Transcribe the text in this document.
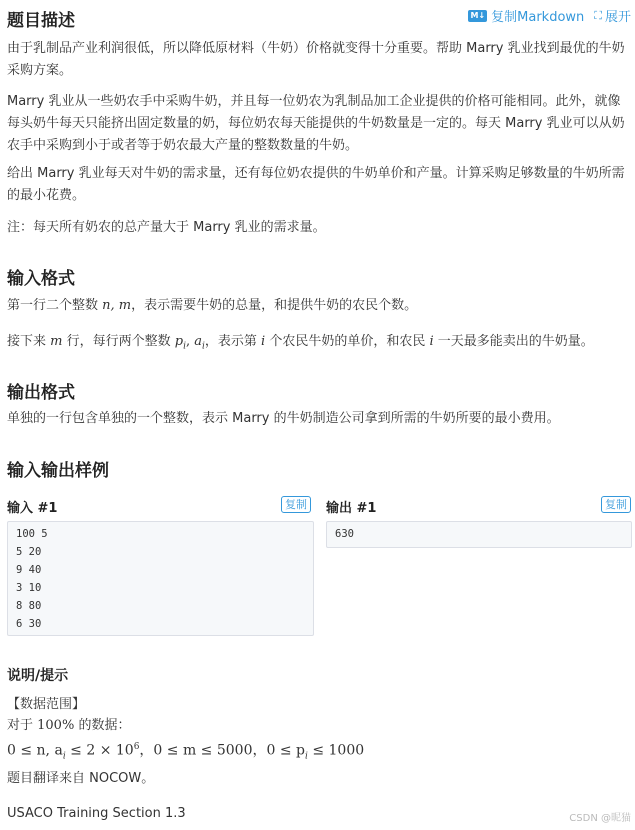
题目描述	M↓ 复制Markdown ⛶ 展开
由于乳制品产业利润很低，所以降低原材料（牛奶）价格就变得十分重要。帮助 Marry 乳业找到最优的牛奶采购方案。
Marry 乳业从一些奶农手中采购牛奶，并且每一位奶农为乳制品加工企业提供的价格可能相同。此外，就像每头奶牛每天只能挤出固定数量的奶，每位奶农每天能提供的牛奶数量是一定的。每天 Marry 乳业可以从奶农手中采购到小于或者等于奶农最大产量的整数数量的牛奶。
给出 Marry 乳业每天对牛奶的需求量，还有每位奶农提供的牛奶单价和产量。计算采购足够数量的牛奶所需的最小花费。
注：每天所有奶农的总产量大于 Marry 乳业的需求量。
输入格式
第一行二个整数 n, m，表示需要牛奶的总量，和提供牛奶的农民个数。
接下来 m 行，每行两个整数 $p_i$, $a_i$，表示第 i 个农民牛奶的单价，和农民 i 一天最多能卖出的牛奶量。
输出格式
单独的一行包含单独的一个整数，表示 Marry 的牛奶制造公司拿到所需的牛奶所要的最小费用。
输入输出样例
输入 #1	复制
100 5
5 20
9 40
3 10
8 80
6 30
输出 #1	复制
630
说明/提示
【数据范围】
对于 100% 的数据：
0 ≤ n, $a_i \le 2 \times 10^6$，0 ≤ m ≤ 5000，$0 \le p_i \le 1000$
题目翻译来自 NOCOW。
USACO Training Section 1.3	CSDN @昵猫
